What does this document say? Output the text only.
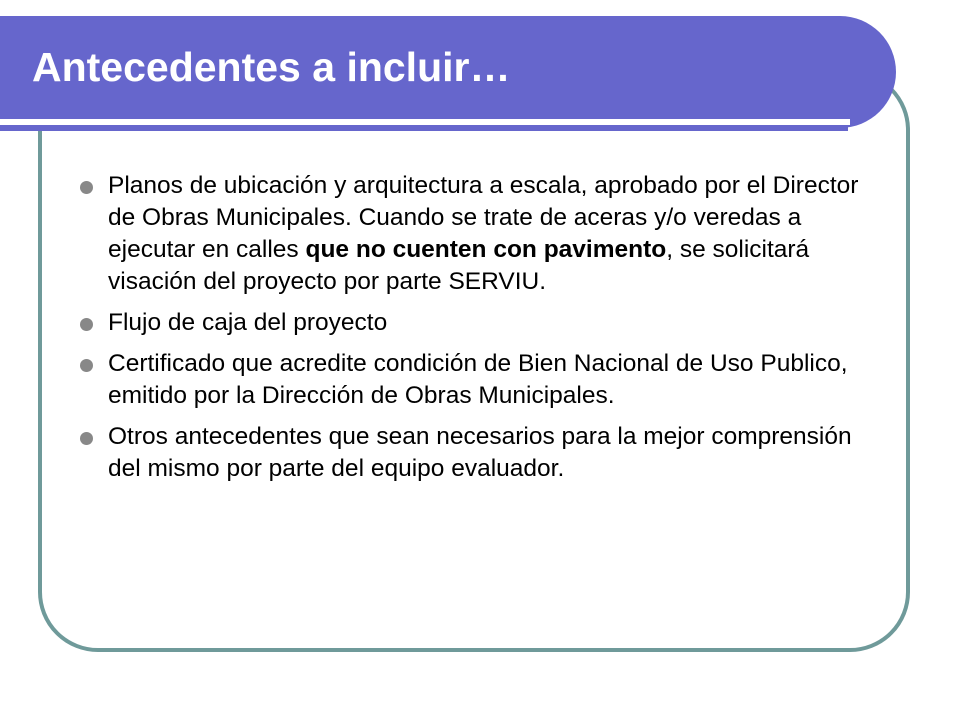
Antecedentes a incluir…
Planos de ubicación y arquitectura a escala, aprobado por el Director de Obras Municipales. Cuando se trate de aceras y/o veredas a ejecutar en calles que no cuenten con pavimento, se solicitará visación del proyecto por parte SERVIU.
Flujo de caja del proyecto
Certificado que acredite condición de Bien Nacional de Uso Publico, emitido por la Dirección de Obras Municipales.
Otros antecedentes que sean necesarios para la mejor comprensión del mismo por parte del equipo evaluador.
